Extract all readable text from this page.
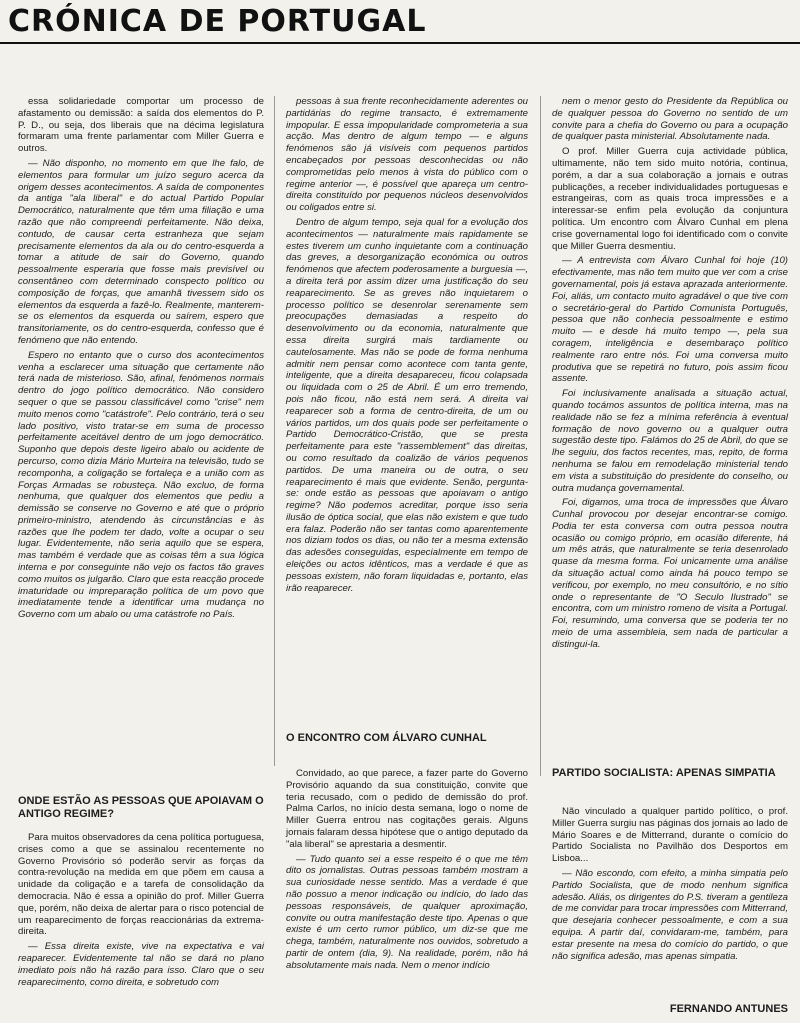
CRÓNICA DE PORTUGAL

essa solidariedade comportar um processo de afastamento ou demissão: a saída dos elementos do P. P. D., ou seja, dos liberais que na décima legislatura formaram uma frente parlamentar com Miller Guerra e outros.

— Não disponho, no momento em que lhe falo, de elementos para formular um juízo seguro acerca da origem desses acontecimentos. A saída de componentes da antiga "ala liberal" e do actual Partido Popular Democrático, naturalmente que têm uma filiação e uma razão que não compreendi perfeitamente. Não deixa, contudo, de causar certa estranheza que sejam precisamente elementos da ala ou do centro-esquerda a tomar a atitude de sair do Governo, quando pessoalmente esperaria que fosse mais previsível ou consentâneo com determinado conspecto político ou composição de forças, que amanhã tivessem sido os elementos da esquerda a fazê-lo. Realmente, manterem-se os elementos da esquerda ou saírem, espero que transitoriamente, os do centro-esquerda, confesso que é fenómeno que não entendo.

Espero no entanto que o curso dos acontecimentos venha a esclarecer uma situação que certamente não terá nada de misterioso. São, afinal, fenómenos normais dentro do jogo político democrático. Não considero sequer o que se passou classificável como "crise" nem muito menos como "catástrofe". Pelo contrário, terá o seu lado positivo, visto tratar-se em suma de processo perfeitamente aceitável dentro de um jogo democrático. Suponho que depois deste ligeiro abalo ou acidente de percurso, como dizia Mário Murteira na televisão, tudo se recomponha, a coligação se fortaleça e a união com as Forças Armadas se robusteça. Não excluo, de forma nenhuma, que qualquer dos elementos que pediu a demissão se conserve no Governo e até que o próprio primeiro-ministro, atendendo às circunstâncias e às razões que lhe podem ter dado, volte a ocupar o seu lugar. Evidentemente, não seria aquilo que se espera, mas também é verdade que as coisas têm a sua lógica interna e por conseguinte não vejo os factos tão graves como muitos os julgarão. Claro que esta reacção procede imaturidade ou impreparação política de um povo que imediatamente tende a identificar uma mudança no Governo com um abalo ou uma catástrofe no País.

ONDE ESTÃO AS PESSOAS QUE APOIAVAM O ANTIGO REGIME?

Para muitos observadores da cena política portuguesa, crises como a que se assinalou recentemente no Governo Provisório só poderão servir as forças da contra-revolução na medida em que põem em causa a unidade da coligação e a tarefa de consolidação da democracia. Não é essa a opinião do prof. Miller Guerra que, porém, não deixa de alertar para o risco potencial de um reaparecimento de forças reaccionárias da extrema-direita.

— Essa direita existe, vive na expectativa e vai reaparecer. Evidentemente tal não se dará no plano imediato pois não há razão para isso. Claro que o seu reaparecimento, como direita, e sobretudo com

pessoas à sua frente reconhecidamente aderentes ou partidárias do regime transacto, é extremamente impopular. E essa impopularidade comprometeria a sua acção. Mas dentro de algum tempo — e alguns fenómenos são já visíveis com pequenos partidos encabeçados por pessoas desconhecidas ou não comprometidas pelo menos à vista do público com o regime anterior —, é possível que apareça um centro-direita constituído por pequenos núcleos desenvolvidos ou coligados entre si.

Dentro de algum tempo, seja qual for a evolução dos acontecimentos — naturalmente mais rapidamente se estes tiverem um cunho inquietante com a continuação das greves, a desorganização económica ou outros fenómenos que afectem poderosamente a burguesia —, a direita terá por assim dizer uma justificação do seu reaparecimento. Se as greves não inquietarem o processo político se desenrolar serenamente sem preocupações demasiadas a respeito do desenvolvimento ou da economia, naturalmente que essa direita surgirá mais tardiamente ou cautelosamente. Mas não se pode de forma nenhuma admitir nem pensar como acontece com tanta gente, inteligente, que a direita desapareceu, ficou colapsada ou liquidada com o 25 de Abril. É um erro tremendo, pois não ficou, não está nem será. A direita vai reaparecer sob a forma de centro-direita, de um ou vários partidos, um dos quais pode ser perfeitamente o Partido Democrático-Cristão, que se presta perfeitamente para este "rassemblement" das direitas, ou como resultado da coalizão de vários pequenos partidos. De uma maneira ou de outra, o seu reaparecimento é mais que evidente. Senão, pergunta-se: onde estão as pessoas que apoiavam o antigo regime? Não podemos acreditar, porque isso seria ilusão de óptica social, que elas não existem e que tudo era falaz. Poderão não ser tantas como aparentemente nos diziam todos os dias, ou não ter a mesma extensão das adesões conseguidas, especialmente em tempo de eleições ou actos idênticos, mas a verdade é que as pessoas existem, não foram liquidadas e, portanto, elas irão reaparecer.

O ENCONTRO COM ÁLVARO CUNHAL

Convidado, ao que parece, a fazer parte do Governo Provisório aquando da sua constituição, convite que teria recusado, com o pedido de demissão do prof. Palma Carlos, no início desta semana, logo o nome de Miller Guerra entrou nas cogitações gerais. Alguns jornais falaram dessa hipótese que o antigo deputado da "ala liberal" se aprestaria a desmentir.

— Tudo quanto sei a esse respeito é o que me têm dito os jornalistas. Outras pessoas também mostram a sua curiosidade nesse sentido. Mas a verdade é que não possuo a menor indicação ou indício, do lado das pessoas responsáveis, de qualquer aproximação, convite ou outra manifestação deste tipo. Apenas o que existe é um certo rumor público, um diz-se que me chega, também, naturalmente nos ouvidos, sobretudo a partir de ontem (dia, 9). Na realidade, porém, não há absolutamente mais nada. Nem o menor indício

nem o menor gesto do Presidente da República ou de qualquer pessoa do Governo no sentido de um convite para a chefia do Governo ou para a ocupação de qualquer pasta ministerial. Absolutamente nada.

O prof. Miller Guerra cuja actividade pública, ultimamente, não tem sido muito notória, continua, porém, a dar a sua colaboração a jornais e outras publicações, a receber individualidades portuguesas e estrangeiras, com as quais troca impressões e a interessar-se enfim pela evolução da conjuntura política. Um encontro com Álvaro Cunhal em plena crise governamental logo foi identificado com o convite que Miller Guerra desmentiu.

— A entrevista com Álvaro Cunhal foi hoje (10) efectivamente, mas não tem muito que ver com a crise governamental, pois já estava aprazada anteriormente. Foi, aliás, um contacto muito agradável o que tive com o secretário-geral do Partido Comunista Português, pessoa que não conhecia pessoalmente e estimo muito — e desde há muito tempo —, pela sua coragem, inteligência e desembaraço político realmente raro entre nós. Foi uma conversa muito produtiva que se repetirá no futuro, pois assim ficou assente.

Foi inclusivamente analisada a situação actual, quando tocámos assuntos de política interna, mas na realidade não se fez a mínima referência à eventual formação de novo governo ou a qualquer outra sugestão deste tipo. Falámos do 25 de Abril, do que se lhe seguiu, dos factos recentes, mas, repito, de forma nenhuma se falou em remodelação ministerial tendo em vista a substituição do presidente do conselho, ou outra mudança governamental.

Foi, digamos, uma troca de impressões que Álvaro Cunhal provocou por desejar encontrar-se comigo. Podia ter esta conversa com outra pessoa noutra ocasião ou comigo próprio, em ocasião diferente, há um mês atrás, que naturalmente se teria desenrolado quase da mesma forma. Foi unicamente uma análise da situação actual como ainda há pouco tempo se verificou, por exemplo, no meu consultório, e no sítio onde o representante de "O Seculo Ilustrado" se encontra, com um ministro romeno de visita a Portugal. Foi, resumindo, uma conversa que se poderia ter no meio de uma assembleia, sem nada de particular a distingui-la.

PARTIDO SOCIALISTA: APENAS SIMPATIA

Não vinculado a qualquer partido político, o prof. Miller Guerra surgiu nas páginas dos jornais ao lado de Mário Soares e de Mitterrand, durante o comício do Partido Socialista no Pavilhão dos Desportos em Lisboa...

— Não escondo, com efeito, a minha simpatia pelo Partido Socialista, que de modo nenhum significa adesão. Aliás, os dirigentes do P.S. tiveram a gentileza de me convidar para trocar impressões com Mitterrand, que desejaria conhecer pessoalmente, e com a sua equipa. A partir daí, convidaram-me, também, para estar presente na mesa do comício do partido, o que não significa adesão, mas apenas simpatia.

FERNANDO ANTUNES
